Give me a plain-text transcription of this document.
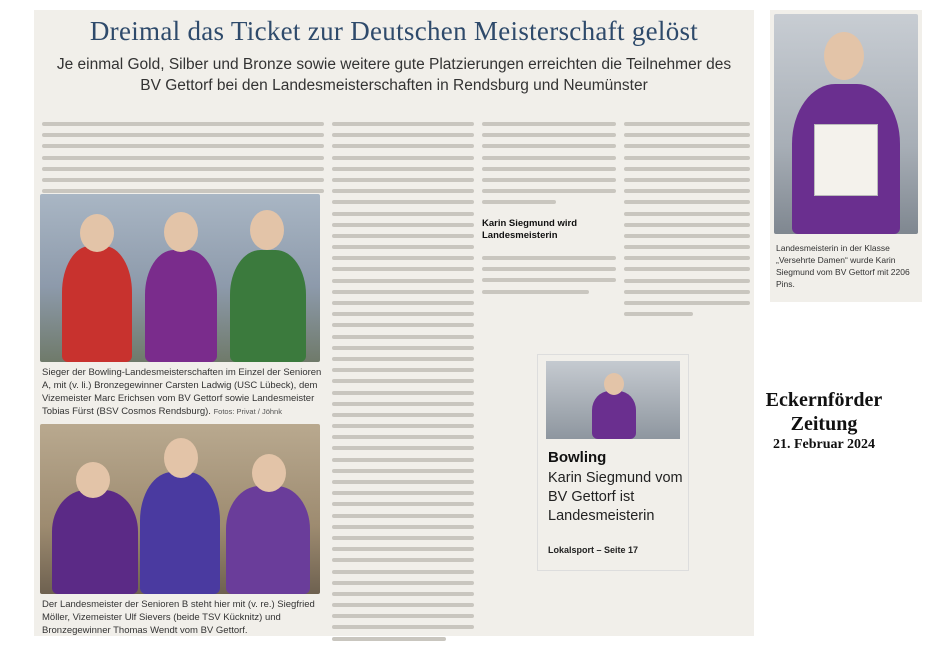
Dreimal das Ticket zur Deutschen Meisterschaft gelöst
Je einmal Gold, Silber und Bronze sowie weitere gute Platzierungen erreichten die Teilnehmer des BV Gettorf bei den Landesmeisterschaften in Rendsburg und Neumünster
Sieger der Bowling-Landesmeisterschaften im Einzel der Senioren A, mit (v. li.) Bronzegewinner Carsten Ladwig (USC Lübeck), dem Vizemeister Marc Erichsen vom BV Gettorf sowie Landesmeister Tobias Fürst (BSV Cosmos Rendsburg). Fotos: Privat / Jöhnk
Der Landesmeister der Senioren B steht hier mit (v. re.) Siegfried Möller, Vizemeister Ulf Sievers (beide TSV Kücknitz) und Bronzegewinner Thomas Wendt vom BV Gettorf.
Karin Siegmund wird Landesmeisterin
Landesmeisterin in der Klasse „Versehrte Damen“ wurde Karin Siegmund vom BV Gettorf mit 2206 Pins.
Bowling
Karin Siegmund vom BV Gettorf ist Landesmeisterin
Lokalsport – Seite 17
Eckernförder Zeitung
21. Februar 2024
